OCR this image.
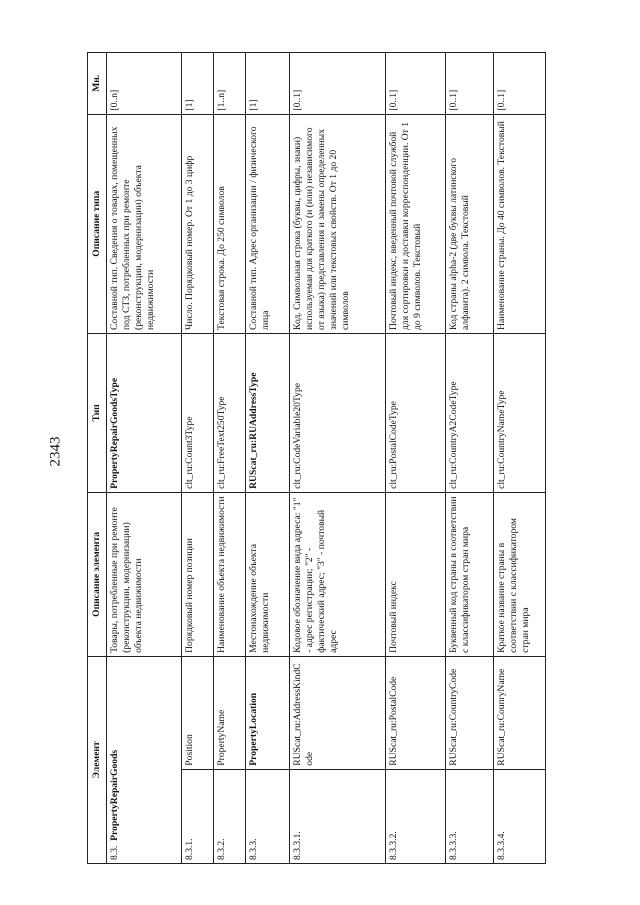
2343
Элемент		Описание элемента	Тип	Описание типа	Мн.
8.3.  PropertyRepairGoods		Товары, потребленные при ремонте (реконструкции, модернизации) объекта недвижимости	PropertyRepairGoodsType	Составной тип. Сведения о товарах, помещенных под СТЗ, потребленных при ремонте (реконструкции, модернизации) объекта недвижимости	[0..n]
8.3.1.	Position	Порядковый номер позиции	clt_ru:Count3Type	Число. Порядковый номер. От 1 до 3 цифр	[1]
8.3.2.	PropertyName	Наименование объекта недвижимости	clt_ru:FreeText250Type	Текстовая строка. До 250 символов	[1..n]
8.3.3.	PropertyLocation	Местонахождение объекта недвижимости	RUScat_ru:RUAddressType	Составной тип. Адрес организации / физического лица	[1]
8.3.3.1.	RUScat_ru:AddressKindCode	Кодовое обозначение вида адреса: "1" - адрес регистрации; "2" - фактический адрес; "3" - почтовый адрес	clt_ru:CodeVariable20Type	Код. Символьная строка (буквы, цифры, знаки) используемая для краткого (и (или) независимого от языка) представления и замены определенных значений или текстовых свойств. От 1 до 20 символов	[0..1]
8.3.3.2.	RUScat_ru:PostalCode	Почтовый индекс	clt_ru:PostalCodeType	Почтовый индекс, введенный почтовой службой для сортировки и доставки корреспонденции. От 1 до 9 символов. Текстовый	[0..1]
8.3.3.3.	RUScat_ru:CountryCode	Буквенный код страны в соответствии с классификатором стран мира	clt_ru:CountryA2CodeType	Код страны alpha-2 (две буквы латинского алфавита). 2 символа. Текстовый	[0..1]
8.3.3.4.	RUScat_ru:CounryName	Краткое название страны в соответствии с классификатором стран мира	clt_ru:CountryNameType	Наименование страны. До 40 символов. Текстовый	[0..1]
